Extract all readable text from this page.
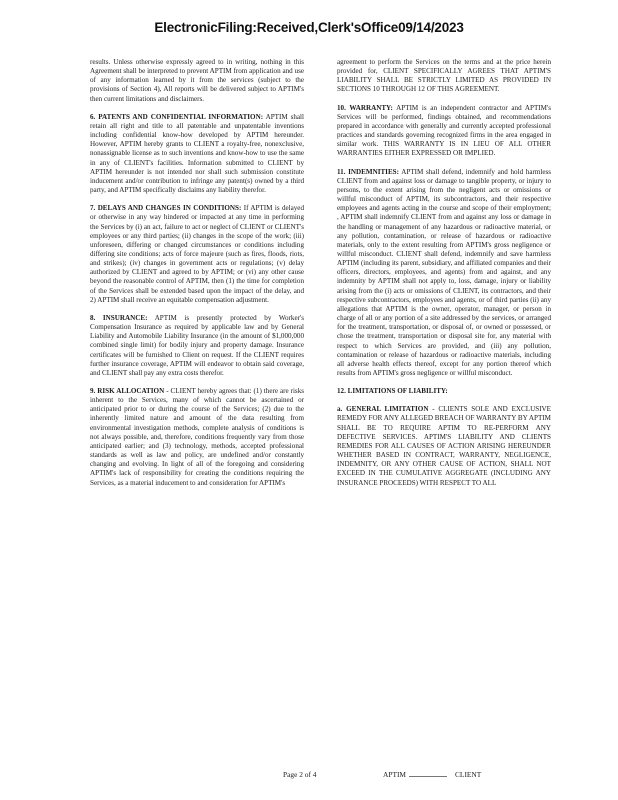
ElectronicFiling:Received,Clerk'sOffice09/14/2023

results. Unless otherwise expressly agreed to in writing, nothing in this Agreement shall be interpreted to prevent APTIM from application and use of any information learned by it from the services (subject to the provisions of Section 4), All reports will be delivered subject to APTIM's then current limitations and disclaimers.

6. PATENTS AND CONFIDENTIAL INFORMATION: APTIM shall retain all right and title to all patentable and unpatentable inventions including confidential know-how developed by APTIM hereunder. However, APTIM hereby grants to CLIENT a royalty-free, nonexclusive, nonassignable license as to such inventions and know-how to use the same in any of CLIENT's facilities. Information submitted to CLIENT by APTIM hereunder is not intended nor shall such submission constitute inducement and/or contribution to infringe any patent(s) owned by a third party, and APTIM specifically disclaims any liability therefor.

7. DELAYS AND CHANGES IN CONDITIONS: If APTIM is delayed or otherwise in any way hindered or impacted at any time in performing the Services by (i) an act, failure to act or neglect of CLIENT or CLIENT's employees or any third parties; (ii) changes in the scope of the work; (iii) unforeseen, differing or changed circumstances or conditions including differing site conditions; acts of force majeure (such as fires, floods, riots, and strikes); (iv) changes in government acts or regulations; (v) delay authorized by CLIENT and agreed to by APTIM; or (vi) any other cause beyond the reasonable control of APTIM, then (1) the time for completion of the Services shall be extended based upon the impact of the delay, and 2) APTIM shall receive an equitable compensation adjustment.

8. INSURANCE: APTIM is presently protected by Worker's Compensation Insurance as required by applicable law and by General Liability and Automobile Liability Insurance (in the amount of $1,000,000 combined single limit) for bodily injury and property damage. Insurance certificates will be furnished to Client on request. If the CLIENT requires further insurance coverage, APTIM will endeavor to obtain said coverage, and CLIENT shall pay any extra costs therefor.

9. RISK ALLOCATION - CLIENT hereby agrees that: (1) there are risks inherent to the Services, many of which cannot be ascertained or anticipated prior to or during the course of the Services; (2) due to the inherently limited nature and amount of the data resulting from environmental investigation methods, complete analysis of conditions is not always possible, and, therefore, conditions frequently vary from those anticipated earlier; and (3) technology, methods, accepted professional standards as well as law and policy, are undefined and/or constantly changing and evolving. In light of all of the foregoing and considering APTIM's lack of responsibility for creating the conditions requiring the Services, as a material inducement to and consideration for APTIM's

agreement to perform the Services on the terms and at the price herein provided for, CLIENT SPECIFICALLY AGREES THAT APTIM'S LIABILITY SHALL BE STRICTLY LIMITED AS PROVIDED IN SECTIONS 10 THROUGH 12 OF THIS AGREEMENT.

10. WARRANTY: APTIM is an independent contractor and APTIM's Services will be performed, findings obtained, and recommendations prepared in accordance with generally and currently accepted professional practices and standards governing recognized firms in the area engaged in similar work. THIS WARRANTY IS IN LIEU OF ALL OTHER WARRANTIES EITHER EXPRESSED OR IMPLIED.

11. INDEMNITIES: APTIM shall defend, indemnify and hold harmless CLIENT from and against loss or damage to tangible property, or injury to persons, to the extent arising from the negligent acts or omissions or willful misconduct of APTIM, its subcontractors, and their respective employees and agents acting in the course and scope of their employment; , APTIM shall indemnify CLIENT from and against any loss or damage in the handling or management of any hazardous or radioactive material, or any pollution, contamination, or release of hazardous or radioactive materials, only to the extent resulting from APTIM's gross negligence or willful misconduct. CLIENT shall defend, indemnify and save harmless APTIM (including its parent, subsidiary, and affiliated companies and their officers, directors, employees, and agents) from and against, and any indemnity by APTIM shall not apply to, loss, damage, injury or liability arising from the (i) acts or omissions of CLIENT, its contractors, and their respective subcontractors, employees and agents, or of third parties (ii) any allegations that APTIM is the owner, operator, manager, or person in charge of all or any portion of a site addressed by the services, or arranged for the treatment, transportation, or disposal of, or owned or possessed, or chose the treatment, transportation or disposal site for, any material with respect to which Services are provided, and (iii) any pollution, contamination or release of hazardous or radioactive materials, including all adverse health effects thereof, except for any portion thereof which results from APTIM's gross negligence or willful misconduct.

12. LIMITATIONS OF LIABILITY:

a. GENERAL LIMITATION - CLIENTS SOLE AND EXCLUSIVE REMEDY FOR ANY ALLEGED BREACH OF WARRANTY BY APTIM SHALL BE TO REQUIRE APTIM TO RE-PERFORM ANY DEFECTIVE SERVICES. APTIM'S LIABILITY AND CLIENTS REMEDIES FOR ALL CAUSES OF ACTION ARISING HEREUNDER WHETHER BASED IN CONTRACT, WARRANTY, NEGLIGENCE, INDEMNITY, OR ANY OTHER CAUSE OF ACTION, SHALL NOT EXCEED IN THE CUMULATIVE AGGREGATE (INCLUDING ANY INSURANCE PROCEEDS) WITH RESPECT TO ALL

Page 2 of 4	APTIM	CLIENT
